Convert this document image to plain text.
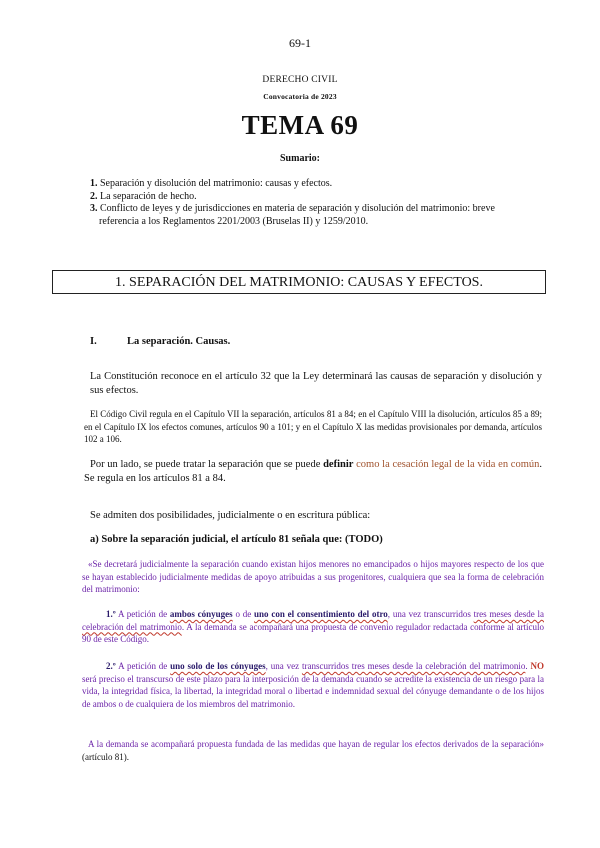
69-1
DERECHO CIVIL
Convocatoria de 2023
TEMA 69
Sumario:
1. Separación y disolución del matrimonio: causas y efectos.
2. La separación de hecho.
3. Conflicto de leyes y de jurisdicciones en materia de separación y disolución del matrimonio: breve
referencia a los Reglamentos 2201/2003 (Bruselas II) y 1259/2010.
1. SEPARACIÓN DEL MATRIMONIO: CAUSAS Y EFECTOS.
I.	La separación. Causas.
La Constitución reconoce en el artículo 32 que la Ley determinará las causas de separación y disolución y sus efectos.
El Código Civil regula en el Capítulo VII la separación, artículos 81 a 84; en el Capítulo VIII la disolución, artículos 85 a 89; en el Capítulo IX los efectos comunes, artículos 90 a 101; y en el Capítulo X las medidas provisionales por demanda, artículos 102 a 106.
Por un lado, se puede tratar la separación que se puede definir como la cesación legal de la vida en común. Se regula en los artículos 81 a 84.
Se admiten dos posibilidades, judicialmente o en escritura pública:
a) Sobre la separación judicial, el artículo 81 señala que: (TODO)
«Se decretará judicialmente la separación cuando existan hijos menores no emancipados o hijos mayores respecto de los que se hayan establecido judicialmente medidas de apoyo atribuidas a sus progenitores, cualquiera que sea la forma de celebración del matrimonio:
1.º A petición de ambos cónyuges o de uno con el consentimiento del otro, una vez transcurridos tres meses desde la celebración del matrimonio. A la demanda se acompañará una propuesta de convenio regulador redactada conforme al artículo 90 de este Código.
2.º A petición de uno solo de los cónyuges, una vez transcurridos tres meses desde la celebración del matrimonio. NO será preciso el transcurso de este plazo para la interposición de la demanda cuando se acredite la existencia de un riesgo para la vida, la integridad física, la libertad, la integridad moral o libertad e indemnidad sexual del cónyuge demandante o de los hijos de ambos o de cualquiera de los miembros del matrimonio.
A la demanda se acompañará propuesta fundada de las medidas que hayan de regular los efectos derivados de la separación» (artículo 81).
